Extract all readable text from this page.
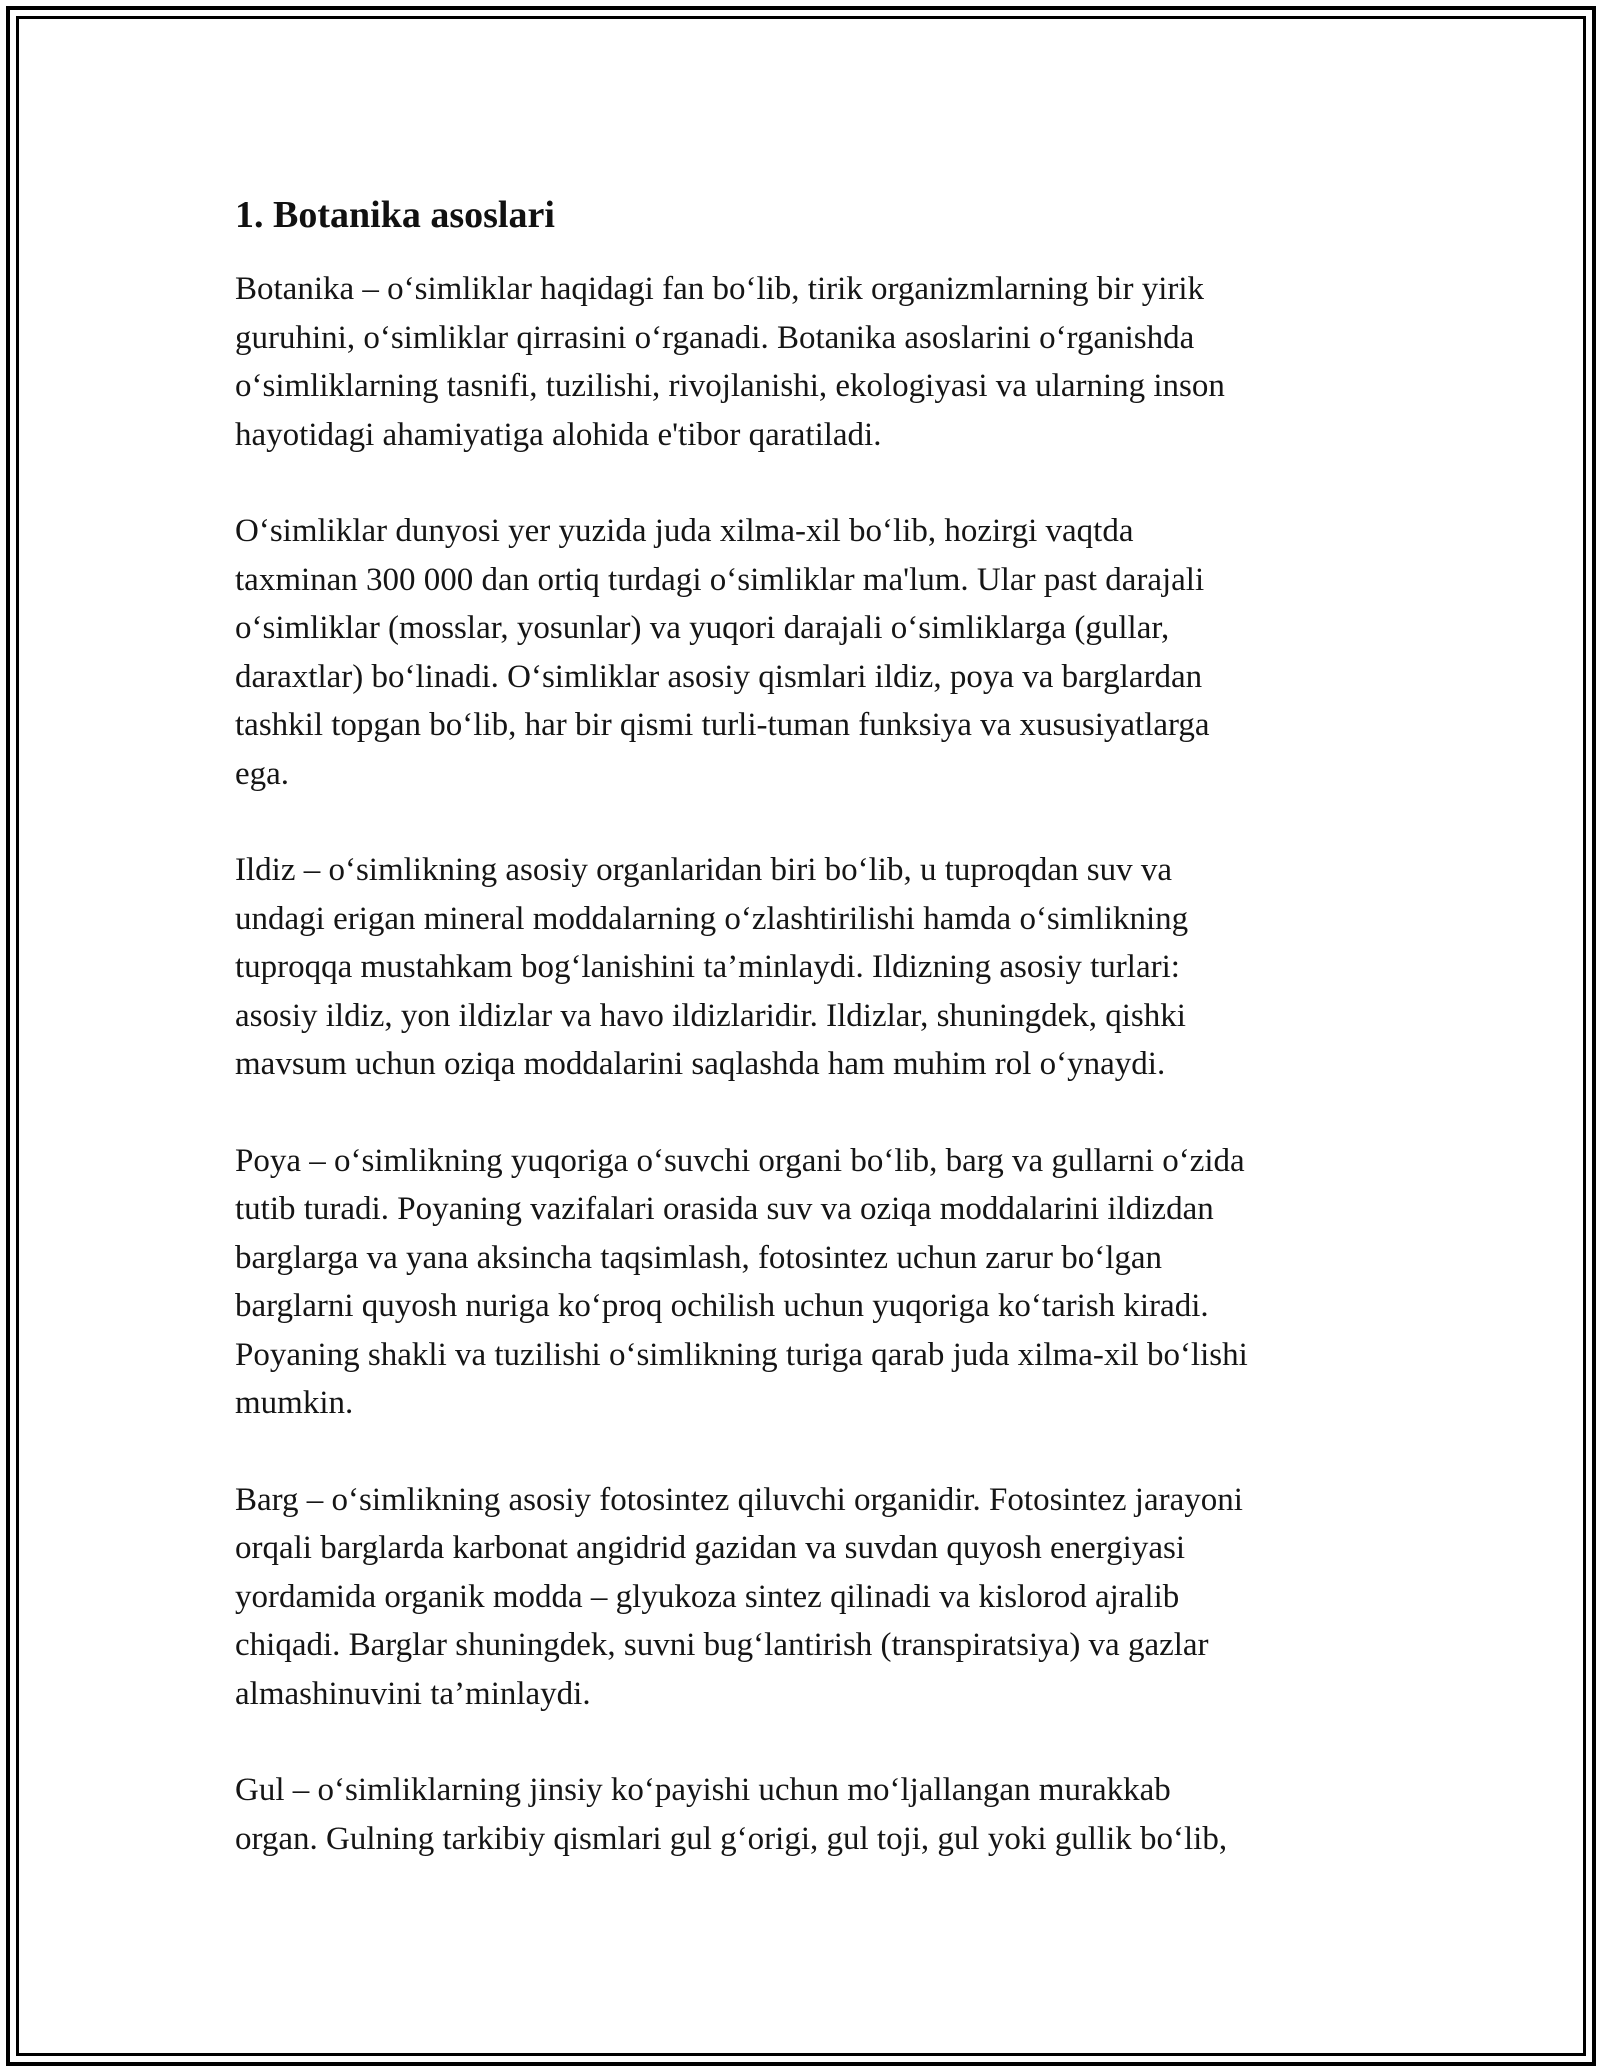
1. Botanika asoslari

Botanika – o‘simliklar haqidagi fan bo‘lib, tirik organizmlarning bir yirik
guruhini, o‘simliklar qirrasini o‘rganadi. Botanika asoslarini o‘rganishda
o‘simliklarning tasnifi, tuzilishi, rivojlanishi, ekologiyasi va ularning inson
hayotidagi ahamiyatiga alohida e'tibor qaratiladi.

O‘simliklar dunyosi yer yuzida juda xilma-xil bo‘lib, hozirgi vaqtda
taxminan 300 000 dan ortiq turdagi o‘simliklar ma'lum. Ular past darajali
o‘simliklar (mosslar, yosunlar) va yuqori darajali o‘simliklarga (gullar,
daraxtlar) bo‘linadi. O‘simliklar asosiy qismlari ildiz, poya va barglardan
tashkil topgan bo‘lib, har bir qismi turli-tuman funksiya va xususiyatlarga
ega.

Ildiz – o‘simlikning asosiy organlaridan biri bo‘lib, u tuproqdan suv va
undagi erigan mineral moddalarning o‘zlashtirilishi hamda o‘simlikning
tuproqqa mustahkam bog‘lanishini ta’minlaydi. Ildizning asosiy turlari:
asosiy ildiz, yon ildizlar va havo ildizlaridir. Ildizlar, shuningdek, qishki
mavsum uchun oziqa moddalarini saqlashda ham muhim rol o‘ynaydi.

Poya – o‘simlikning yuqoriga o‘suvchi organi bo‘lib, barg va gullarni o‘zida
tutib turadi. Poyaning vazifalari orasida suv va oziqa moddalarini ildizdan
barglarga va yana aksincha taqsimlash, fotosintez uchun zarur bo‘lgan
barglarni quyosh nuriga ko‘proq ochilish uchun yuqoriga ko‘tarish kiradi.
Poyaning shakli va tuzilishi o‘simlikning turiga qarab juda xilma-xil bo‘lishi
mumkin.

Barg – o‘simlikning asosiy fotosintez qiluvchi organidir. Fotosintez jarayoni
orqali barglarda karbonat angidrid gazidan va suvdan quyosh energiyasi
yordamida organik modda – glyukoza sintez qilinadi va kislorod ajralib
chiqadi. Barglar shuningdek, suvni bug‘lantirish (transpiratsiya) va gazlar
almashinuvini ta’minlaydi.

Gul – o‘simliklarning jinsiy ko‘payishi uchun mo‘ljallangan murakkab
organ. Gulning tarkibiy qismlari gul g‘origi, gul toji, gul yoki gullik bo‘lib,
